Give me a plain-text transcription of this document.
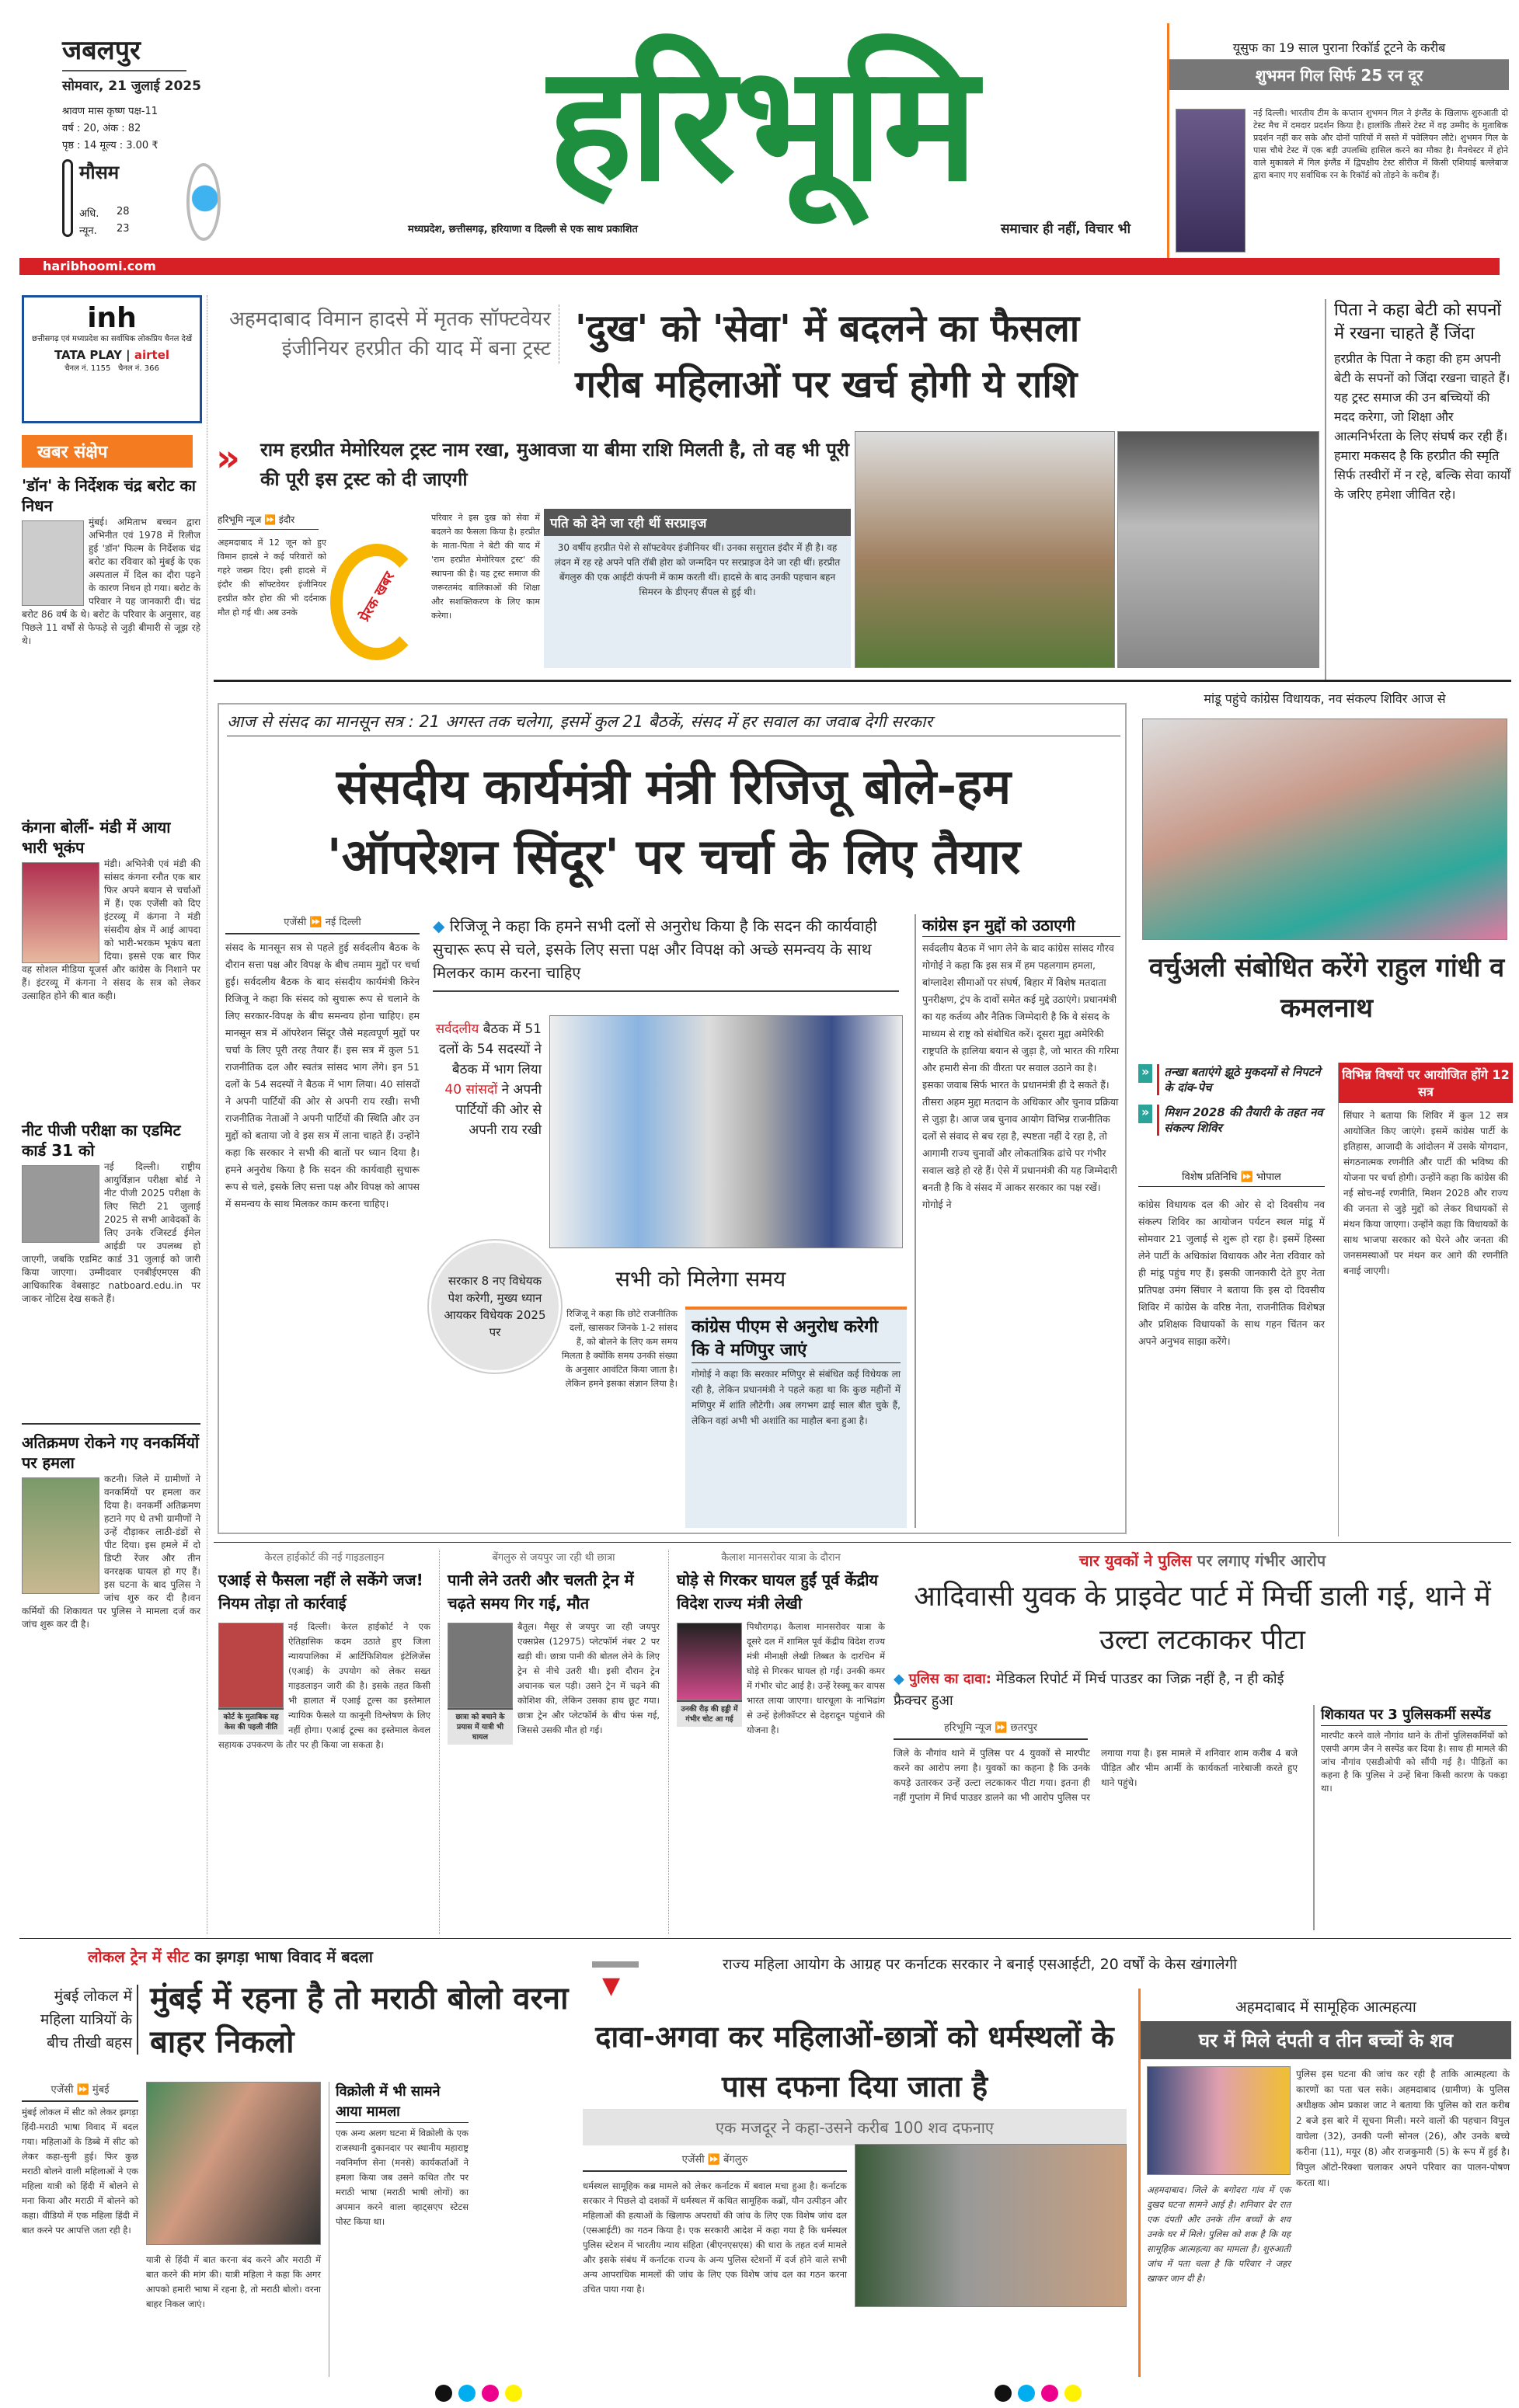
जबलपुर
सोमवार, 21 जुलाई 2025
श्रावण मास कृष्ण पक्ष-11
वर्ष : 20, अंक : 82
पृष्ठ : 14 मूल्य : 3.00 ₹
मौसम
अधि. 28
न्यून. 23
हरिभूमि
मध्यप्रदेश, छत्तीसगढ़, हरियाणा व दिल्ली से एक साथ प्रकाशित	समाचार ही नहीं, विचार भी
यूसुफ का 19 साल पुराना रिकॉर्ड टूटने के करीब
शुभमन गिल सिर्फ 25 रन दूर
नई दिल्ली। भारतीय टीम के कप्तान शुभमन गिल ने इंग्लैंड के खिलाफ शुरुआती दो टेस्ट मैच में दमदार प्रदर्शन किया है। हालांकि तीसरे टेस्ट में वह उम्मीद के मुताबिक प्रदर्शन नहीं कर सके और दोनों पारियों में सस्ते में पवेलियन लौटे। शुभमन गिल के पास चौथे टेस्ट में एक बड़ी उपलब्धि हासिल करने का मौका है। मैनचेस्टर में होने वाले मुकाबले में गिल इंग्लैंड में द्विपक्षीय टेस्ट सीरीज में किसी एशियाई बल्लेबाज द्वारा बनाए गए सर्वाधिक रन के रिकॉर्ड को तोड़ने के करीब हैं।
haribhoomi.com
inh
छत्तीसगढ़ एवं मध्यप्रदेश का सर्वाधिक लोकप्रिय चैनल देखें
TATA PLAY | airtel
चैनल नं. 1155 चैनल नं. 366
खबर संक्षेप
'डॉन' के निर्देशक चंद्र बरोट का निधन
मुंबई। अमिताभ बच्चन द्वारा अभिनीत एवं 1978 में रिलीज हुई 'डॉन' फिल्म के निर्देशक चंद्र बरोट का रविवार को मुंबई के एक अस्पताल में दिल का दौरा पड़ने के कारण निधन हो गया। बरोट के परिवार ने यह जानकारी दी। चंद्र बरोट 86 वर्ष के थे। बरोट के परिवार के अनुसार, वह पिछले 11 वर्षों से फेफड़े से जुड़ी बीमारी से जूझ रहे थे।
कंगना बोलीं- मंडी में आया भारी भूकंप
मंडी। अभिनेत्री एवं मंडी की सांसद कंगना रनौत एक बार फिर अपने बयान से चर्चाओं में हैं। एक एजेंसी को दिए इंटरव्यू में कंगना ने मंडी संसदीय क्षेत्र में आई आपदा को भारी-भरकम भूकंप बता दिया। इससे एक बार फिर वह सोशल मीडिया यूजर्स और कांग्रेस के निशाने पर हैं। इंटरव्यू में कंगना ने संसद के सत्र को लेकर उत्साहित होने की बात कही।
नीट पीजी परीक्षा का एडमिट कार्ड 31 को
नई दिल्ली। राष्ट्रीय आयुर्विज्ञान परीक्षा बोर्ड ने नीट पीजी 2025 परीक्षा के लिए सिटी 21 जुलाई 2025 से सभी आवेदकों के लिए उनके रजिस्टर्ड ईमेल आईडी पर उपलब्ध हो जाएगी, जबकि एडमिट कार्ड 31 जुलाई को जारी किया जाएगा। उम्मीदवार एनबीईएमएस की आधिकारिक वेबसाइट natboard.edu.in पर जाकर नोटिस देख सकते हैं।
अतिक्रमण रोकने गए वनकर्मियों पर हमला
कटनी। जिले में ग्रामीणों ने वनकर्मियों पर हमला कर दिया है। वनकर्मी अतिक्रमण हटाने गए थे तभी ग्रामीणों ने उन्हें दौड़ाकर लाठी-डंडों से पीट दिया। इस हमले में दो डिप्टी रेंजर और तीन वनरक्षक घायल हो गए हैं। इस घटना के बाद पुलिस ने जांच शुरु कर दी है।वन कर्मियों की शिकायत पर पुलिस ने मामला दर्ज कर जांच शुरू कर दी है।
अहमदाबाद विमान हादसे में मृतक सॉफ्टवेयर इंजीनियर हरप्रीत की याद में बना ट्रस्ट 'दुख' को 'सेवा' में बदलने का फैसला
गरीब महिलाओं पर खर्च होगी ये राशि
» राम हरप्रीत मेमोरियल ट्रस्ट नाम रखा, मुआवजा या बीमा राशि मिलती है, तो वह भी पूरी की पूरी इस ट्रस्ट को दी जाएगी
हरिभूमि न्यूज ⏩ इंदौर
अहमदाबाद में 12 जून को हुए विमान हादसे ने कई परिवारों को गहरे जख्म दिए। इसी हादसे में इंदौर की सॉफ्टवेयर इंजीनियर हरप्रीत कौर होरा की भी दर्दनाक मौत हो गई थी। अब उनके	प्रेरक खबर
परिवार ने इस दुख को सेवा में बदलने का फैसला किया है। हरप्रीत के माता-पिता ने बेटी की याद में 'राम हरप्रीत मेमोरियल ट्रस्ट' की स्थापना की है। यह ट्रस्ट समाज की जरूरतमंद बालिकाओं की शिक्षा और सशक्तिकरण के लिए काम करेगा।
पति को देने जा रही थीं सरप्राइज
30 वर्षीय हरप्रीत पेशे से सॉफ्टवेयर इंजीनियर थीं। उनका ससुराल इंदौर में ही है। वह लंदन में रह रहे अपने पति रॉबी होरा को जन्मदिन पर सरप्राइज देने जा रही थीं। हरप्रीत बेंगलुरु की एक आईटी कंपनी में काम करती थीं। हादसे के बाद उनकी पहचान बहन सिमरन के डीएनए सैंपल से हुई थी।
पिता ने कहा बेटी को सपनों में रखना चाहते हैं जिंदा
हरप्रीत के पिता ने कहा की हम अपनी बेटी के सपनों को जिंदा रखना चाहते हैं। यह ट्रस्ट समाज की उन बच्चियों की मदद करेगा, जो शिक्षा और आत्मनिर्भरता के लिए संघर्ष कर रही हैं। हमारा मकसद है कि हरप्रीत की स्मृति सिर्फ तस्वीरों में न रहे, बल्कि सेवा कार्यों के जरिए हमेशा जीवित रहे।
आज से संसद का मानसून सत्र : 21 अगस्त तक चलेगा, इसमें कुल 21 बैठकें, संसद में हर सवाल का जवाब देगी सरकार
संसदीय कार्यमंत्री मंत्री रिजिजू बोले-हम
'ऑपरेशन सिंदूर' पर चर्चा के लिए तैयार
एजेंसी ⏩ नई दिल्ली
संसद के मानसून सत्र से पहले हुई सर्वदलीय बैठक के दौरान सत्ता पक्ष और विपक्ष के बीच तमाम मुद्दों पर चर्चा हुई। सर्वदलीय बैठक के बाद संसदीय कार्यमंत्री किरेन रिजिजू ने कहा कि संसद को सुचारू रूप से चलाने के लिए सरकार-विपक्ष के बीच समन्वय होना चाहिए। हम मानसून सत्र में ऑपरेशन सिंदूर जैसे महत्वपूर्ण मुद्दों पर चर्चा के लिए पूरी तरह तैयार हैं। इस सत्र में कुल 51 राजनीतिक दल और स्वतंत्र सांसद भाग लेंगे। इन 51 दलों के 54 सदस्यों ने बैठक में भाग लिया। 40 सांसदों ने अपनी पार्टियों की ओर से अपनी राय रखी। सभी राजनीतिक नेताओं ने अपनी पार्टियों की स्थिति और उन मुद्दों को बताया जो वे इस सत्र में लाना चाहते हैं। उन्होंने कहा कि सरकार ने सभी की बातों पर ध्यान दिया है। हमने अनुरोध किया है कि सदन की कार्यवाही सुचारू रूप से चले, इसके लिए सत्ता पक्ष और विपक्ष को आपस में समन्वय के साथ मिलकर काम करना चाहिए।
◆ रिजिजू ने कहा कि हमने सभी दलों से अनुरोध किया है कि सदन की कार्यवाही सुचारू रूप से चले, इसके लिए सत्ता पक्ष और विपक्ष को अच्छे समन्वय के साथ मिलकर काम करना चाहिए
सर्वदलीय बैठक में 51 दलों के 54 सदस्यों ने बैठक में भाग लिया
40 सांसदों ने अपनी पार्टियों की ओर से अपनी राय रखी
सरकार 8 नए विधेयक पेश करेगी, मुख्य ध्यान आयकर विधेयक 2025 पर
सभी को मिलेगा समय
रिजिजू ने कहा कि छोटे राजनीतिक दलों, खासकर जिनके 1-2 सांसद हैं, को बोलने के लिए कम समय मिलता है क्योंकि समय उनकी संख्या के अनुसार आवंटित किया जाता है। लेकिन हमने इसका संज्ञान लिया है।
कांग्रेस पीएम से अनुरोध करेगी कि वे मणिपुर जाएं
गोगोई ने कहा कि सरकार मणिपुर से संबंधित कई विधेयक ला रही है, लेकिन प्रधानमंत्री ने पहले कहा था कि कुछ महीनों में मणिपुर में शांति लौटेगी। अब लगभग ढाई साल बीत चुके हैं, लेकिन वहां अभी भी अशांति का माहौल बना हुआ है।
कांग्रेस इन मुद्दों को उठाएगी
सर्वदलीय बैठक में भाग लेने के बाद कांग्रेस सांसद गौरव गोगोई ने कहा कि इस सत्र में हम पहलगाम हमला, बांग्लादेश सीमाओं पर संघर्ष, बिहार में विशेष मतदाता पुनरीक्षण, ट्रंप के दावों समेत कई मुद्दे उठाएंगे। प्रधानमंत्री का यह कर्तव्य और नैतिक जिम्मेदारी है कि वे संसद के माध्यम से राष्ट्र को संबोधित करें। दूसरा मुद्दा अमेरिकी राष्ट्रपति के हालिया बयान से जुड़ा है, जो भारत की गरिमा और हमारी सेना की वीरता पर सवाल उठाने का है। इसका जवाब सिर्फ भारत के प्रधानमंत्री ही दे सकते हैं। तीसरा अहम मुद्दा मतदान के अधिकार और चुनाव प्रक्रिया से जुड़ा है। आज जब चुनाव आयोग विभिन्न राजनीतिक दलों से संवाद से बच रहा है, स्पष्टता नहीं दे रहा है, तो आगामी राज्य चुनावों और लोकतांत्रिक ढांचे पर गंभीर सवाल खड़े हो रहे हैं। ऐसे में प्रधानमंत्री की यह जिम्मेदारी बनती है कि वे संसद में आकर सरकार का पक्ष रखें। गोगोई ने
मांडू पहुंचे कांग्रेस विधायक, नव संकल्प शिविर आज से
वर्चुअली संबोधित करेंगे राहुल गांधी व कमलनाथ
»	तन्खा बताएंगे झूठे मुकदमों से निपटने के दांव-पेच
»	मिशन 2028 की तैयारी के तहत नव संकल्प शिविर
विशेष प्रतिनिधि ⏩ भोपाल
कांग्रेस विधायक दल की ओर से दो दिवसीय नव संकल्प शिविर का आयोजन पर्यटन स्थल मांडू में सोमवार 21 जुलाई से शुरू हो रहा है। इसमें हिस्सा लेने पार्टी के अधिकांश विधायक और नेता रविवार को ही मांडू पहुंच गए हैं। इसकी जानकारी देते हुए नेता प्रतिपक्ष उमंग सिंघार ने बताया कि इस दो दिवसीय शिविर में कांग्रेस के वरिष्ठ नेता, राजनीतिक विशेषज्ञ और प्रशिक्षक विधायकों के साथ गहन चिंतन कर अपने अनुभव साझा करेंगे।
विभिन्न विषयों पर आयोजित होंगे 12 सत्र
सिंघार ने बताया कि शिविर में कुल 12 सत्र आयोजित किए जाएंगे। इसमें कांग्रेस पार्टी के इतिहास, आजादी के आंदोलन में उसके योगदान, संगठनात्मक रणनीति और पार्टी की भविष्य की योजना पर चर्चा होगी। उन्होंने कहा कि कांग्रेस की नई सोच-नई रणनीति, मिशन 2028 और राज्य की जनता से जुड़े मुद्दों को लेकर विधायकों से मंथन किया जाएगा। उन्होंने कहा कि विधायकों के साथ भाजपा सरकार को घेरने और जनता की जनसमस्याओं पर मंथन कर आगे की रणनीति बनाई जाएगी।
केरल हाईकोर्ट की नई गाइडलाइन
एआई से फैसला नहीं ले सकेंगे जज! नियम तोड़ा तो कार्रवाई
कोर्ट के मुताबिक यह केस की पहली नीति
नई दिल्ली। केरल हाईकोर्ट ने एक ऐतिहासिक कदम उठाते हुए जिला न्यायपालिका में आर्टिफिशियल इंटेलिजेंस (एआई) के उपयोग को लेकर सख्त गाइडलाइन जारी की है। इसके तहत किसी भी हालात में एआई टूल्स का इस्तेमाल न्यायिक फैसले या कानूनी विश्लेषण के लिए नहीं होगा। एआई टूल्स का इस्तेमाल केवल सहायक उपकरण के तौर पर ही किया जा सकता है।
बेंगलुरु से जयपुर जा रही थी छात्रा
पानी लेने उतरी और चलती ट्रेन में चढ़ते समय गिर गई, मौत
छात्रा को बचाने के प्रयास में यात्री भी घायल
बैतूल। मैसूर से जयपुर जा रही जयपुर एक्सप्रेस (12975) प्लेटफॉर्म नंबर 2 पर खड़ी थी। छात्रा पानी की बोतल लेने के लिए ट्रेन से नीचे उतरी थी। इसी दौरान ट्रेन अचानक चल पड़ी। उसने ट्रेन में चढ़ने की कोशिश की, लेकिन उसका हाथ छूट गया। छात्रा ट्रेन और प्लेटफॉर्म के बीच फंस गई, जिससे उसकी मौत हो गई।
कैलाश मानसरोवर यात्रा के दौरान
घोड़े से गिरकर घायल हुईं पूर्व केंद्रीय विदेश राज्य मंत्री लेखी
उनकी रीढ़ की हड्डी में गंभीर चोट आ गई
पिथौरागढ़। कैलाश मानसरोवर यात्रा के दूसरे दल में शामिल पूर्व केंद्रीय विदेश राज्य मंत्री मीनाक्षी लेखी तिब्बत के दारचिन में घोड़े से गिरकर घायल हो गईं। उनकी कमर में गंभीर चोट आई है। उन्हें रेस्क्यू कर वापस भारत लाया जाएगा। धारचूला के नाभिढांग से उन्हें हेलीकॉप्टर से देहरादून पहुंचाने की योजना है।
चार युवकों ने पुलिस पर लगाए गंभीर आरोप
आदिवासी युवक के प्राइवेट पार्ट में मिर्ची डाली गई, थाने में उल्टा लटकाकर पीटा
◆ पुलिस का दावा: मेडिकल रिपोर्ट में मिर्च पाउडर का जिक्र नहीं है, न ही कोई फ्रैक्चर हुआ
हरिभूमि न्यूज ⏩ छतरपुर
जिले के नौगांव थाने में पुलिस पर 4 युवकों से मारपीट करने का आरोप लगा है। युवकों का कहना है कि उनके कपड़े उतारकर उन्हें उल्टा लटकाकर पीटा गया। इतना ही नहीं गुप्तांग में मिर्च पाउडर डालने का भी आरोप पुलिस पर लगाया गया है। इस मामले में शनिवार शाम करीब 4 बजे पीड़ित और भीम आर्मी के कार्यकर्ता नारेबाजी करते हुए थाने पहुंचे।
शिकायत पर 3 पुलिसकर्मी सस्पेंड
मारपीट करने वाले नौगांव थाने के तीनों पुलिसकर्मियों को एसपी अगम जैन ने सस्पेंड कर दिया है। साथ ही मामले की जांच नौगांव एसडीओपी को सौंपी गई है। पीड़ितों का कहना है कि पुलिस ने उन्हें बिना किसी कारण के पकड़ा था।
लोकल ट्रेन में सीट का झगड़ा भाषा विवाद में बदला
मुंबई लोकल में महिला यात्रियों के बीच तीखी बहस
मुंबई में रहना है तो मराठी बोलो वरना बाहर निकलो
एजेंसी ⏩ मुंबई
मुंबई लोकल में सीट को लेकर झगड़ा हिंदी-मराठी भाषा विवाद में बदल गया। महिलाओं के डिब्बे में सीट को लेकर कहा-सुनी हुई। फिर कुछ मराठी बोलने वाली महिलाओं ने एक महिला यात्री को हिंदी में बोलने से मना किया और मराठी में बोलने को कहा। वीडियो में एक महिला हिंदी में बात करने पर आपत्ति जता रही है।
यात्री से हिंदी में बात करना बंद करने और मराठी में बात करने की मांग की। यात्री महिला ने कहा कि अगर आपको हमारी भाषा में रहना है, तो मराठी बोलो। वरना बाहर निकल जाएं।
विक्रोली में भी सामने आया मामला
एक अन्य अलग घटना में विक्रोली के एक राजस्थानी दुकानदार पर स्थानीय महाराष्ट्र नवनिर्माण सेना (मनसे) कार्यकर्ताओं ने हमला किया जब उसने कथित तौर पर मराठी भाषा (मराठी भाषी लोगों) का अपमान करने वाला व्हाट्सएप स्टेटस पोस्ट किया था।
▼
राज्य महिला आयोग के आग्रह पर कर्नाटक सरकार ने बनाई एसआईटी, 20 वर्षों के केस खंगालेगी
दावा-अगवा कर महिलाओं-छात्रों को धर्मस्थलों के पास दफना दिया जाता है
एक मजदूर ने कहा-उसने करीब 100 शव दफनाए
एजेंसी ⏩ बेंगलुरु
धर्मस्थल सामूहिक कब्र मामले को लेकर कर्नाटक में बवाल मचा हुआ है। कर्नाटक सरकार ने पिछले दो दशकों में धर्मस्थल में कथित सामूहिक कब्रों, यौन उत्पीड़न और महिलाओं की हत्याओं के खिलाफ अपराधों की जांच के लिए एक विशेष जांच दल (एसआईटी) का गठन किया है। एक सरकारी आदेश में कहा गया है कि धर्मस्थल पुलिस स्टेशन में भारतीय न्याय संहिता (बीएनएसएस) की धारा के तहत दर्ज मामले और इसके संबंध में कर्नाटक राज्य के अन्य पुलिस स्टेशनों में दर्ज होने वाले सभी अन्य आपराधिक मामलों की जांच के लिए एक विशेष जांच दल का गठन करना उचित पाया गया है।
अहमदाबाद में सामूहिक आत्महत्या
घर में मिले दंपती व तीन बच्चों के शव
अहमदाबाद। जिले के बगोदरा गांव में एक दुखद घटना सामने आई है। शनिवार देर रात एक दंपती और उनके तीन बच्चों के शव उनके घर में मिले। पुलिस को शक है कि यह सामूहिक आत्महत्या का मामला है। शुरुआती जांच में पता चला है कि परिवार ने जहर खाकर जान दी है।
पुलिस इस घटना की जांच कर रही है ताकि आत्महत्या के कारणों का पता चल सके। अहमदाबाद (ग्रामीण) के पुलिस अधीक्षक ओम प्रकाश जाट ने बताया कि पुलिस को रात करीब 2 बजे इस बारे में सूचना मिली। मरने वालों की पहचान विपुल वाघेला (32), उनकी पत्नी सोनल (26), और उनके बच्चे करीना (11), मयूर (8) और राजकुमारी (5) के रूप में हुई है। विपुल ऑटो-रिक्शा चलाकर अपने परिवार का पालन-पोषण करता था।
